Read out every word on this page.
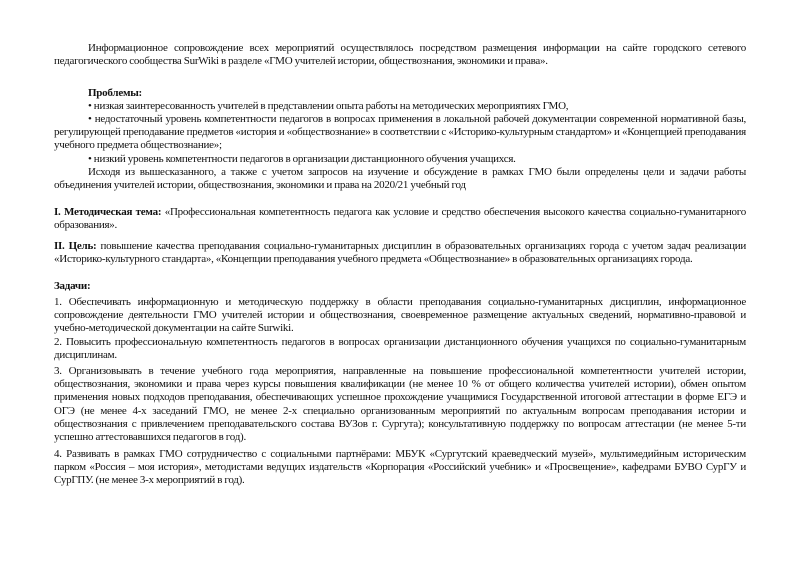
Информационное сопровождение всех мероприятий осуществлялось посредством размещения информации на сайте городского сетевого педагогического сообщества SurWiki в разделе «ГМО учителей истории, обществознания, экономики и права».
Проблемы:
• низкая заинтересованность учителей в представлении опыта работы на методических мероприятиях ГМО,
• недостаточный уровень компетентности педагогов в вопросах применения в локальной рабочей документации современной нормативной базы, регулирующей преподавание предметов «история и «обществознание» в соответствии с «Историко-культурным стандартом» и «Концепцией преподавания учебного предмета обществознание»;
• низкий уровень компетентности педагогов в организации дистанционного обучения учащихся.
Исходя из вышесказанного, а также с учетом запросов на изучение и обсуждение в рамках ГМО были определены цели и задачи работы объединения учителей истории, обществознания, экономики и права на 2020/21 учебный год
I. Методическая тема: «Профессиональная компетентность педагога как условие и средство обеспечения высокого качества социально-гуманитарного образования».
II. Цель: повышение качества преподавания социально-гуманитарных дисциплин в образовательных организациях города с учетом задач реализации «Историко-культурного стандарта», «Концепции преподавания учебного предмета «Обществознание» в образовательных организациях города.
Задачи:
1. Обеспечивать информационную и методическую поддержку в области преподавания социально-гуманитарных дисциплин, информационное сопровождение деятельности ГМО учителей истории и обществознания, своевременное размещение актуальных сведений, нормативно-правовой и учебно-методической документации на сайте Surwiki.
2. Повысить профессиональную компетентность педагогов в вопросах организации дистанционного обучения учащихся по социально-гуманитарным дисциплинам.
3. Организовывать в течение учебного года мероприятия, направленные на повышение профессиональной компетентности учителей истории, обществознания, экономики и права через курсы повышения квалификации (не менее 10 % от общего количества учителей истории), обмен опытом применения новых подходов преподавания, обеспечивающих успешное прохождение учащимися Государственной итоговой аттестации в форме ЕГЭ и ОГЭ (не менее 4-х заседаний ГМО, не менее 2-х специально организованным мероприятий по актуальным вопросам преподавания истории и обществознания с привлечением преподавательского состава ВУЗов г. Сургута); консультативную поддержку по вопросам аттестации (не менее 5-ти успешно аттестовавшихся педагогов в год).
4. Развивать в рамках ГМО сотрудничество с социальными партнёрами: МБУК «Сургутский краеведческий музей», мультимедийным историческим парком «Россия – моя история», методистами ведущих издательств «Корпорация «Российский учебник» и «Просвещение», кафедрами БУВО СурГУ и СурГПУ. (не менее 3-х мероприятий в год).
